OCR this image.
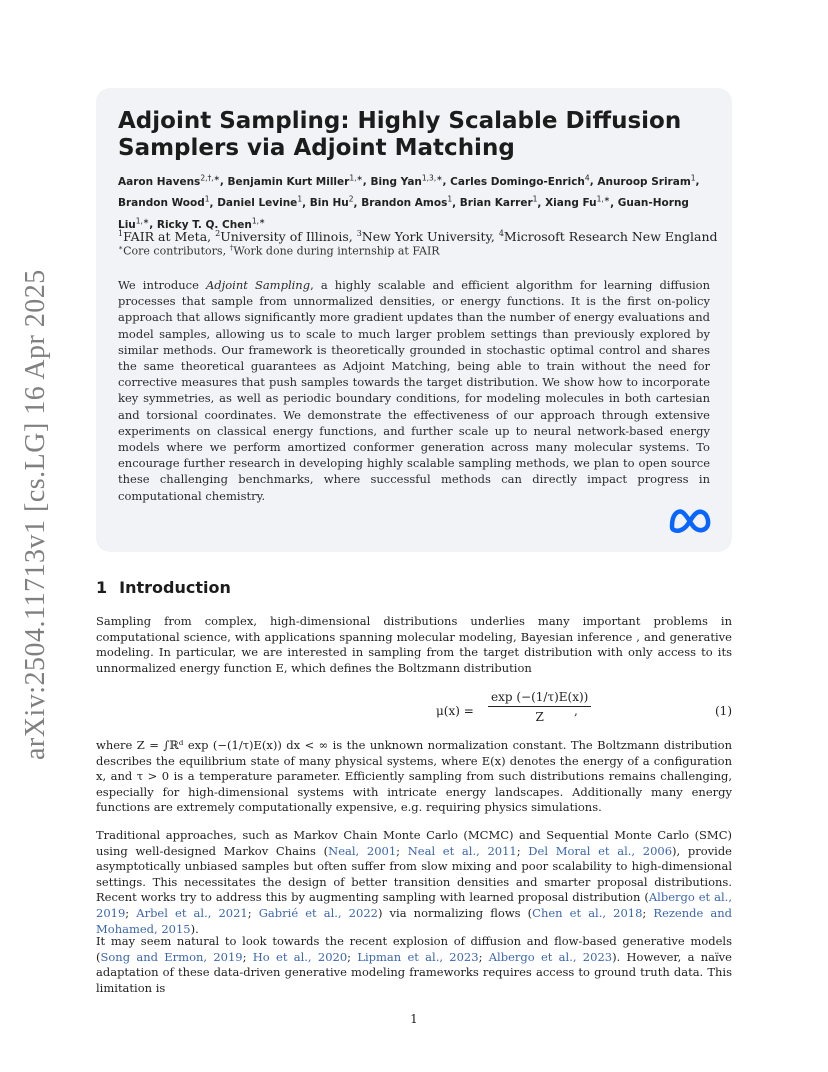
arXiv:2504.11713v1 [cs.LG] 16 Apr 2025
Adjoint Sampling: Highly Scalable Diffusion
Samplers via Adjoint Matching

Aaron Havens$^{2,\dagger,∗}$, Benjamin Kurt Miller$^{1,∗}$, Bing Yan$^{1,3,∗}$, Carles Domingo-Enrich$^4$, Anuroop Sriram$^1$, Brandon Wood$^1$, Daniel Levine$^1$, Bin Hu$^2$, Brandon Amos$^1$, Brian Karrer$^1$, Xiang $Fu^{1,∗}$, Guan-Horng Liu$^{1,∗}$, Ricky T. Q. Chen$^{1,∗}$

$^1$FAIR at Meta, $^2$University of Illinois, $^3$New York University, $^4$Microsoft Research New England
∗Core contributors, †Work done during internship at FAIR

We introduce Adjoint Sampling, a highly scalable and efficient algorithm for learning diffusion processes that sample from unnormalized densities, or energy functions. It is the first on-policy approach that allows significantly more gradient updates than the number of energy evaluations and model samples, allowing us to scale to much larger problem settings than previously explored by similar methods. Our framework is theoretically grounded in stochastic optimal control and shares the same theoretical guarantees as Adjoint Matching, being able to train without the need for corrective measures that push samples towards the target distribution. We show how to incorporate key symmetries, as well as periodic boundary conditions, for modeling molecules in both cartesian and torsional coordinates. We demonstrate the effectiveness of our approach through extensive experiments on classical energy functions, and further scale up to neural network-based energy models where we perform amortized conformer generation across many molecular systems. To encourage further research in developing highly scalable sampling methods, we plan to open source these challenging benchmarks, where successful methods can directly impact progress in computational chemistry.

1 Introduction

Sampling from complex, high-dimensional distributions underlies many important problems in computational science, with applications spanning molecular modeling, Bayesian inference , and generative modeling. In particular, we are interested in sampling from the target distribution with only access to its unnormalized energy function E, which defines the Boltzmann distribution

$\mu(x) = \frac{\exp (-(1/\tau)E(x))}{Z}$
,	(1)

where Z = ∫ℝᵈ exp (−(1/τ)E(x)) dx < ∞ is the unknown normalization constant. The Boltzmann distribution describes the equilibrium state of many physical systems, where E(x) denotes the energy of a configuration x, and τ > 0 is a temperature parameter. Efficiently sampling from such distributions remains challenging, especially for high-dimensional systems with intricate energy landscapes. Additionally many energy functions are extremely computationally expensive, e.g. requiring physics simulations.

Traditional approaches, such as Markov Chain Monte Carlo (MCMC) and Sequential Monte Carlo (SMC) using well-designed Markov Chains (Neal, 2001; Neal et al., 2011; Del Moral et al., 2006), provide asymptotically unbiased samples but often suffer from slow mixing and poor scalability to high-dimensional settings. This necessitates the design of better transition densities and smarter proposal distributions. Recent works try to address this by augmenting sampling with learned proposal distribution (Albergo et al., 2019; Arbel et al., 2021; Gabrié et al., 2022) via normalizing flows (Chen et al., 2018; Rezende and Mohamed, 2015).

It may seem natural to look towards the recent explosion of diffusion and flow-based generative models (Song and Ermon, 2019; Ho et al., 2020; Lipman et al., 2023; Albergo et al., 2023). However, a naïve adaptation of these data-driven generative modeling frameworks requires access to ground truth data. This limitation is

1
